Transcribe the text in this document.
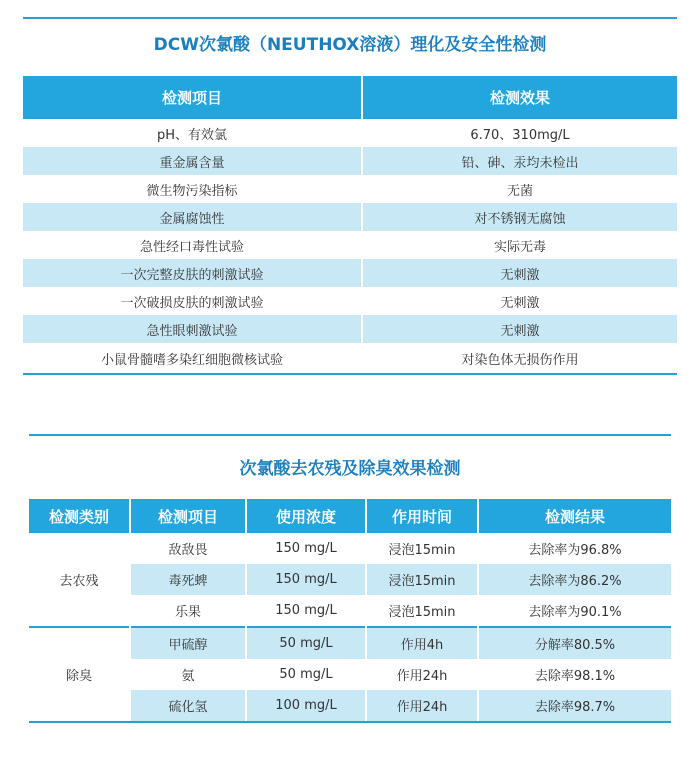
DCW次氯酸（NEUTHOX溶液）理化及安全性检测
检测项目	检测效果
pH、有效氯	6.70、310mg/L
重金属含量	铅、砷、汞均未检出
微生物污染指标	无菌
金属腐蚀性	对不锈钢无腐蚀
急性经口毒性试验	实际无毒
一次完整皮肤的刺激试验	无刺激
一次破损皮肤的刺激试验	无刺激
急性眼刺激试验	无刺激
小鼠骨髓嗜多染红细胞微核试验	对染色体无损伤作用
次氯酸去农残及除臭效果检测
检测类别	检测项目	使用浓度	作用时间	检测结果
去农残	敌敌畏	150 mg/L	浸泡15min	去除率为96.8%
	毒死蜱	150 mg/L	浸泡15min	去除率为86.2%
	乐果	150 mg/L	浸泡15min	去除率为90.1%
除臭	甲硫醇	50 mg/L	作用4h	分解率80.5%
	氨	50 mg/L	作用24h	去除率98.1%
	硫化氢	100 mg/L	作用24h	去除率98.7%
